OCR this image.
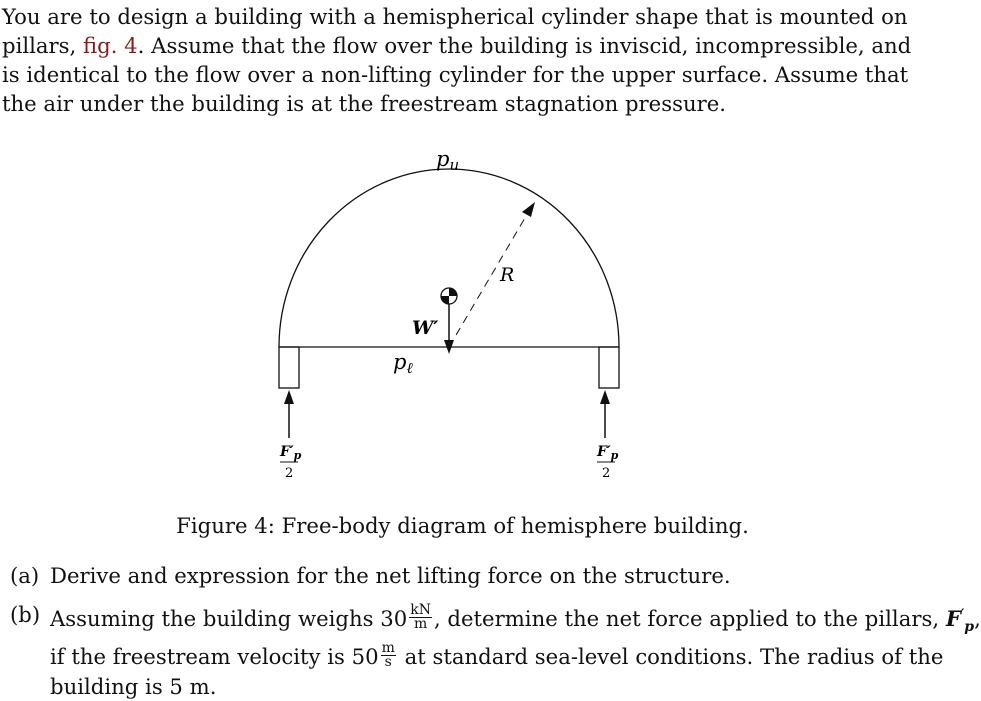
You are to design a building with a hemispherical cylinder shape that is mounted on pillars, fig. 4. Assume that the flow over the building is inviscid, incompressible, and is identical to the flow over a non-lifting cylinder for the upper surface. Assume that the air under the building is at the freestream stagnation pressure.
pu
pℓ
R
W′
$F'_p$
2
$F'_p$
2
Figure 4: Free-body diagram of hemisphere building.
(a) Derive and expression for the net lifting force on the structure.
(b) Assuming the building weighs $30 \frac{kN}{m}$ , determine the net force applied to the pillars, $F'_p$,
if the freestream velocity is $50 \frac{m}{s}$ at standard sea-level conditions. The radius of the
building is 5 m.
